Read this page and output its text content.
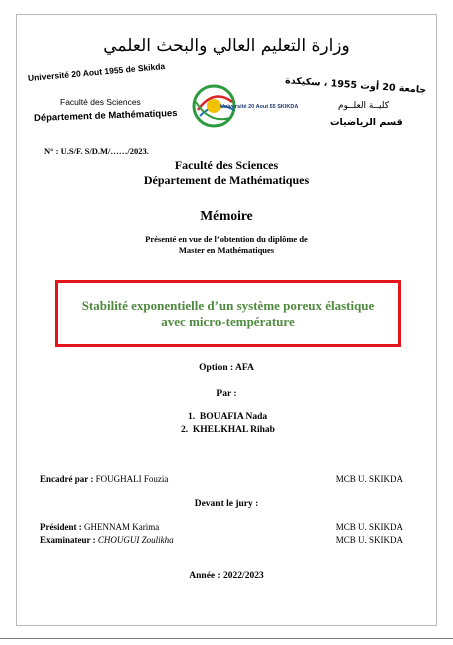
وزارة التعليم العالي والبحث العلمي
Université 20 Aout 1955 de Skikda
Faculté des Sciences
Département de Mathématiques
Université 20 Aout 55 SKIKDA
جامعة 20 أوت 1955 ، سكيكدة
كليــة العلــوم
قسم الرياضيات
N° : U.S/F. S/D.M/……/2023.
Faculté des Sciences
Département de Mathématiques
Mémoire
Présenté en vue de l’obtention du diplôme de
Master en Mathématiques
Stabilité exponentielle d’un système poreux élastique
avec micro-température
Option : AFA
Par :
1. BOUAFIA Nada
2. KHELKHAL Rihab
Encadré par : FOUGHALI Fouzia	MCB U. SKIKDA
Devant le jury :
Président : GHENNAM Karima	MCB U. SKIKDA
Examinateur : CHOUGUI Zoulikha	MCB U. SKIKDA
Année : 2022/2023
